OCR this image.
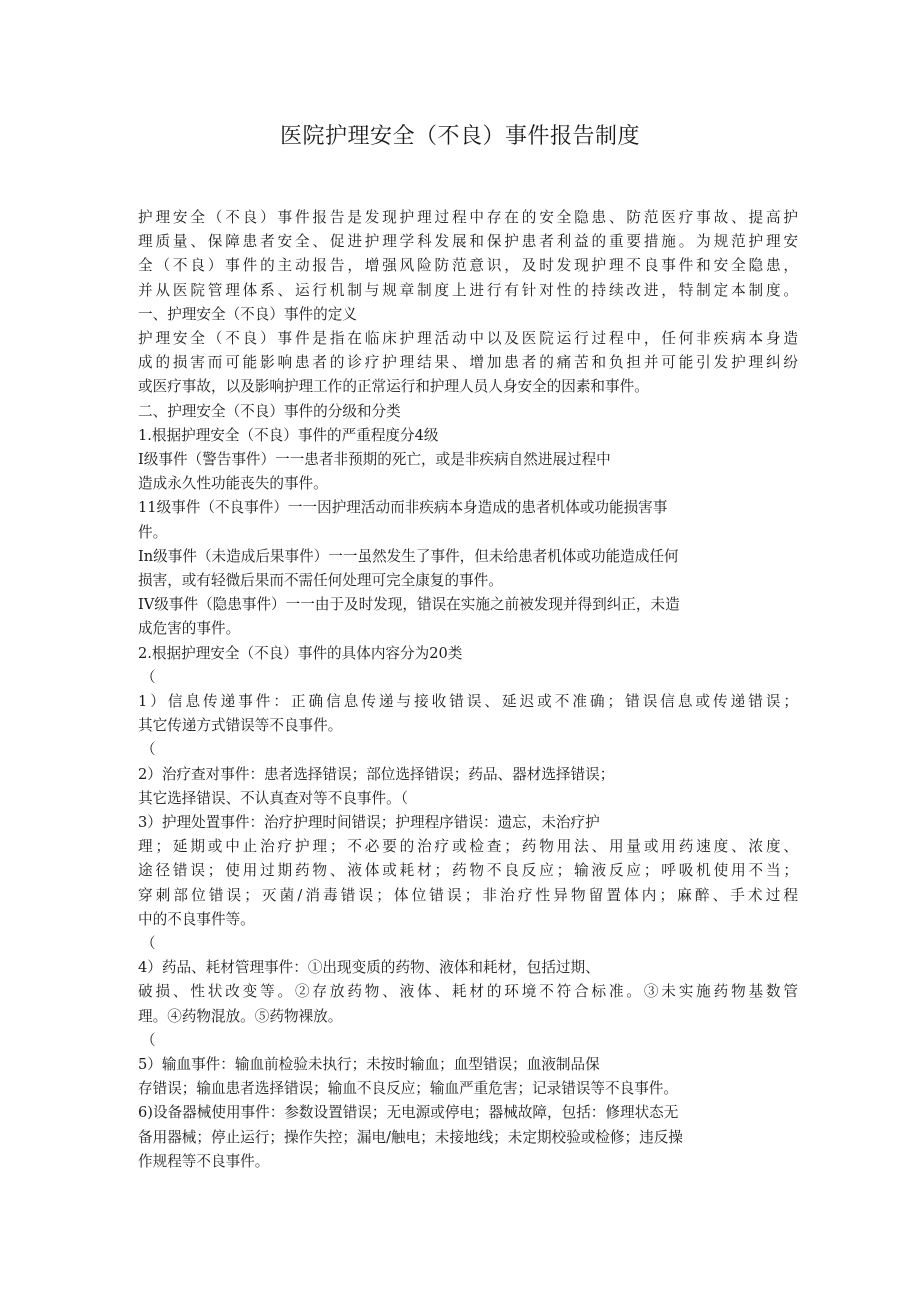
医院护理安全（不良）事件报告制度
护理安全（不良）事件报告是发现护理过程中存在的安全隐患、防范医疗事故、提高护
理质量、保障患者安全、促进护理学科发展和保护患者利益的重要措施。为规范护理安
全（不良）事件的主动报告，增强风险防范意识，及时发现护理不良事件和安全隐患，
并从医院管理体系、运行机制与规章制度上进行有针对性的持续改进，特制定本制度。
一、护理安全（不良）事件的定义
护理安全（不良）事件是指在临床护理活动中以及医院运行过程中，任何非疾病本身造
成的损害而可能影响患者的诊疗护理结果、增加患者的痛苦和负担并可能引发护理纠纷
或医疗事故，以及影响护理工作的正常运行和护理人员人身安全的因素和事件。
二、护理安全（不良）事件的分级和分类
1.根据护理安全（不良）事件的严重程度分4级
I级事件（警告事件）一一患者非预期的死亡，或是非疾病自然进展过程中
造成永久性功能丧失的事件。
11级事件（不良事件）一一因护理活动而非疾病本身造成的患者机体或功能损害事
件。
In级事件（未造成后果事件）一一虽然发生了事件，但未给患者机体或功能造成任何
损害，或有轻微后果而不需任何处理可完全康复的事件。
IV级事件（隐患事件）一一由于及时发现，错误在实施之前被发现并得到纠正，未造
成危害的事件。
2.根据护理安全（不良）事件的具体内容分为20类
（
1）信息传递事件：正确信息传递与接收错误、延迟或不准确；错误信息或传递错误；
其它传递方式错误等不良事件。
（
2）治疗查对事件：患者选择错误；部位选择错误；药品、器材选择错误；
其它选择错误、不认真查对等不良事件。（
3）护理处置事件：治疗护理时间错误；护理程序错误：遗忘，未治疗护
理；延期或中止治疗护理；不必要的治疗或检查；药物用法、用量或用药速度、浓度、
途径错误；使用过期药物、液体或耗材；药物不良反应；输液反应；呼吸机使用不当；
穿刺部位错误；灭菌/消毒错误；体位错误；非治疗性异物留置体内；麻醉、手术过程
中的不良事件等。
（
4）药品、耗材管理事件：①出现变质的药物、液体和耗材，包括过期、
破损、性状改变等。②存放药物、液体、耗材的环境不符合标准。③未实施药物基数管
理。④药物混放。⑤药物裸放。
（
5）输血事件：输血前检验未执行；未按时输血；血型错误；血液制品保
存错误；输血患者选择错误；输血不良反应；输血严重危害；记录错误等不良事件。
6)设备器械使用事件：参数设置错误；无电源或停电；器械故障，包括：修理状态无
备用器械；停止运行；操作失控；漏电/触电；未接地线；未定期校验或检修；违反操
作规程等不良事件。
